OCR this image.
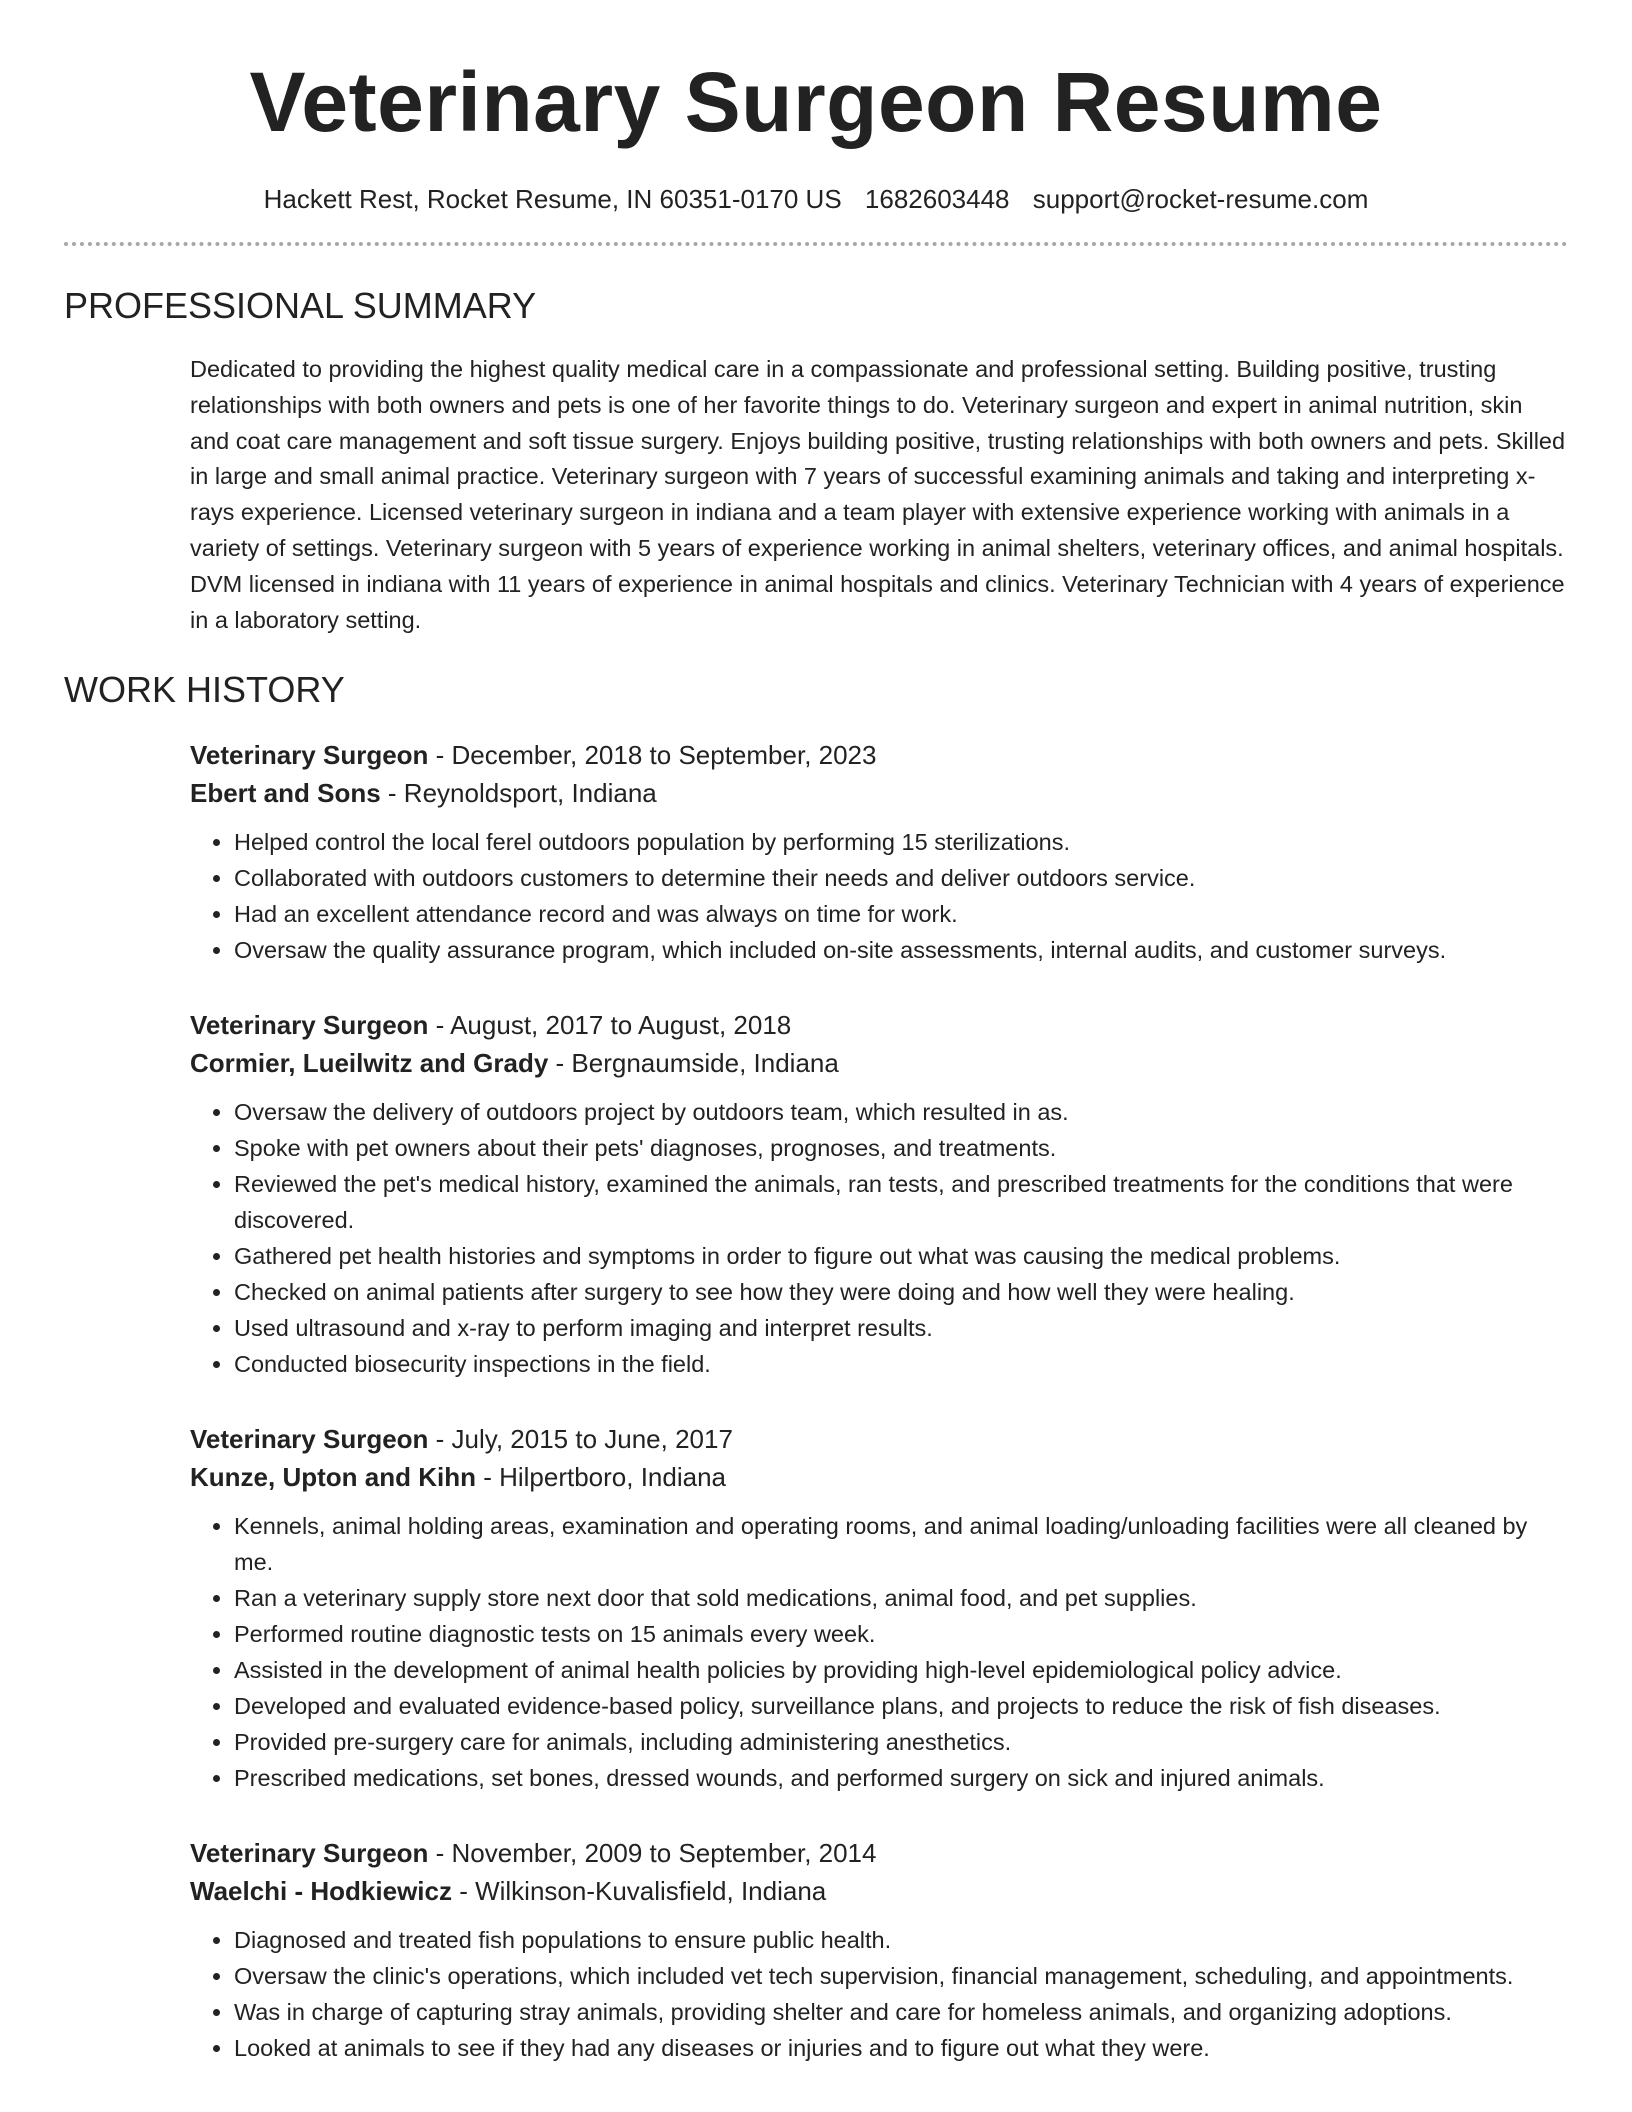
Veterinary Surgeon Resume
Hackett Rest, Rocket Resume, IN 60351-0170 US 1682603448 support@rocket-resume.com
PROFESSIONAL SUMMARY

Dedicated to providing the highest quality medical care in a compassionate and professional setting. Building positive, trusting relationships with both owners and pets is one of her favorite things to do. Veterinary surgeon and expert in animal nutrition, skin and coat care management and soft tissue surgery. Enjoys building positive, trusting relationships with both owners and pets. Skilled in large and small animal practice. Veterinary surgeon with 7 years of successful examining animals and taking and interpreting x-rays experience. Licensed veterinary surgeon in indiana and a team player with extensive experience working with animals in a variety of settings. Veterinary surgeon with 5 years of experience working in animal shelters, veterinary offices, and animal hospitals. DVM licensed in indiana with 11 years of experience in animal hospitals and clinics. Veterinary Technician with 4 years of experience in a laboratory setting.

WORK HISTORY
Veterinary Surgeon - December, 2018 to September, 2023
Ebert and Sons - Reynoldsport, Indiana
• Helped control the local ferel outdoors population by performing 15 sterilizations.
• Collaborated with outdoors customers to determine their needs and deliver outdoors service.
• Had an excellent attendance record and was always on time for work.
• Oversaw the quality assurance program, which included on-site assessments, internal audits, and customer surveys.
Veterinary Surgeon - August, 2017 to August, 2018
Cormier, Lueilwitz and Grady - Bergnaumside, Indiana
• Oversaw the delivery of outdoors project by outdoors team, which resulted in as.
• Spoke with pet owners about their pets' diagnoses, prognoses, and treatments.
• Reviewed the pet's medical history, examined the animals, ran tests, and prescribed treatments for the conditions that were discovered.
• Gathered pet health histories and symptoms in order to figure out what was causing the medical problems.
• Checked on animal patients after surgery to see how they were doing and how well they were healing.
• Used ultrasound and x-ray to perform imaging and interpret results.
• Conducted biosecurity inspections in the field.
Veterinary Surgeon - July, 2015 to June, 2017
Kunze, Upton and Kihn - Hilpertboro, Indiana
• Kennels, animal holding areas, examination and operating rooms, and animal loading/unloading facilities were all cleaned by me.
• Ran a veterinary supply store next door that sold medications, animal food, and pet supplies.
• Performed routine diagnostic tests on 15 animals every week.
• Assisted in the development of animal health policies by providing high-level epidemiological policy advice.
• Developed and evaluated evidence-based policy, surveillance plans, and projects to reduce the risk of fish diseases.
• Provided pre-surgery care for animals, including administering anesthetics.
• Prescribed medications, set bones, dressed wounds, and performed surgery on sick and injured animals.
Veterinary Surgeon - November, 2009 to September, 2014
Waelchi - Hodkiewicz - Wilkinson-Kuvalisfield, Indiana
• Diagnosed and treated fish populations to ensure public health.
• Oversaw the clinic's operations, which included vet tech supervision, financial management, scheduling, and appointments.
• Was in charge of capturing stray animals, providing shelter and care for homeless animals, and organizing adoptions.
• Looked at animals to see if they had any diseases or injuries and to figure out what they were.
